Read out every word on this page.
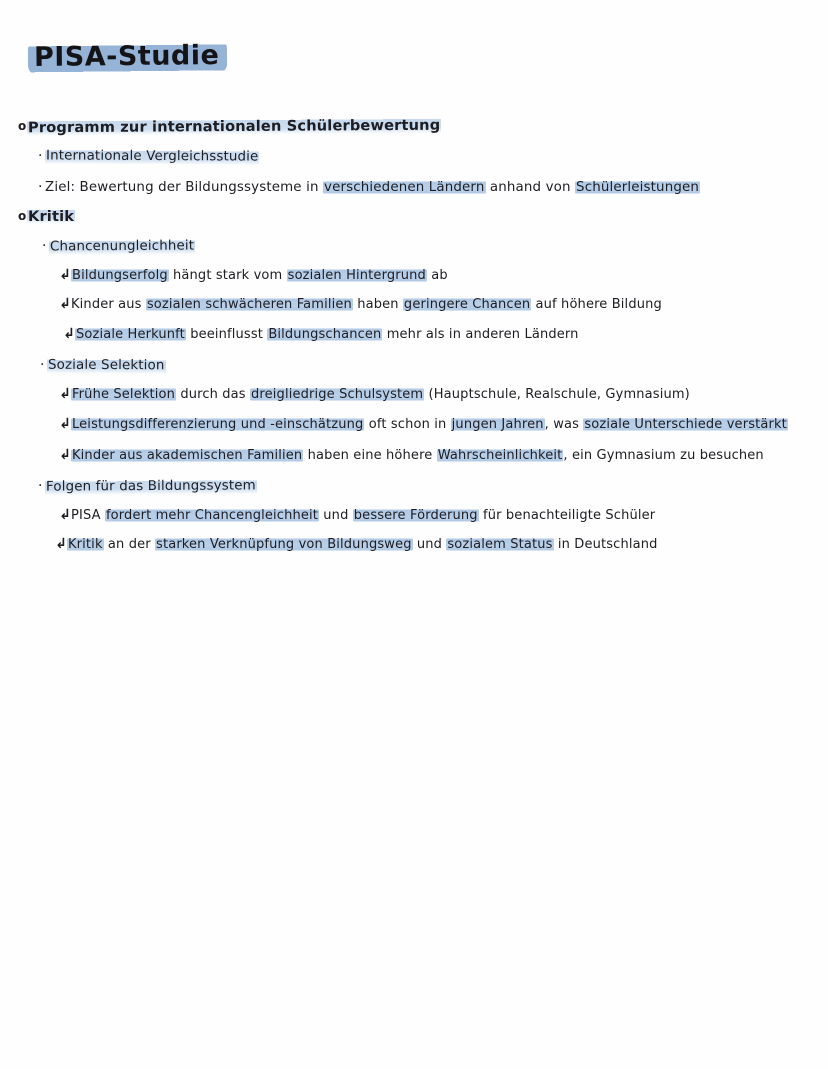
PISA-Studie
o Programm zur internationalen Schülerbewertung
· Internationale Vergleichsstudie
· Ziel: Bewertung der Bildungssysteme in verschiedenen Ländern anhand von Schülerleistungen
o Kritik
· Chancenungleichheit
↳Bildungserfolg hängt stark vom sozialen Hintergrund ab
↳Kinder aus sozialen schwächeren Familien haben geringere Chancen auf höhere Bildung
↳Soziale Herkunft beeinflusst Bildungschancen mehr als in anderen Ländern
· Soziale Selektion
↳Frühe Selektion durch das dreigliedrige Schulsystem (Hauptschule, Realschule, Gymnasium)
↳Leistungsdifferenzierung und -einschätzung oft schon in jungen Jahren, was soziale Unterschiede verstärkt
↳Kinder aus akademischen Familien haben eine höhere Wahrscheinlichkeit, ein Gymnasium zu besuchen
· Folgen für das Bildungssystem
↳PISA fordert mehr Chancengleichheit und bessere Förderung für benachteiligte Schüler
↳Kritik an der starken Verknüpfung von Bildungsweg und sozialem Status in Deutschland
